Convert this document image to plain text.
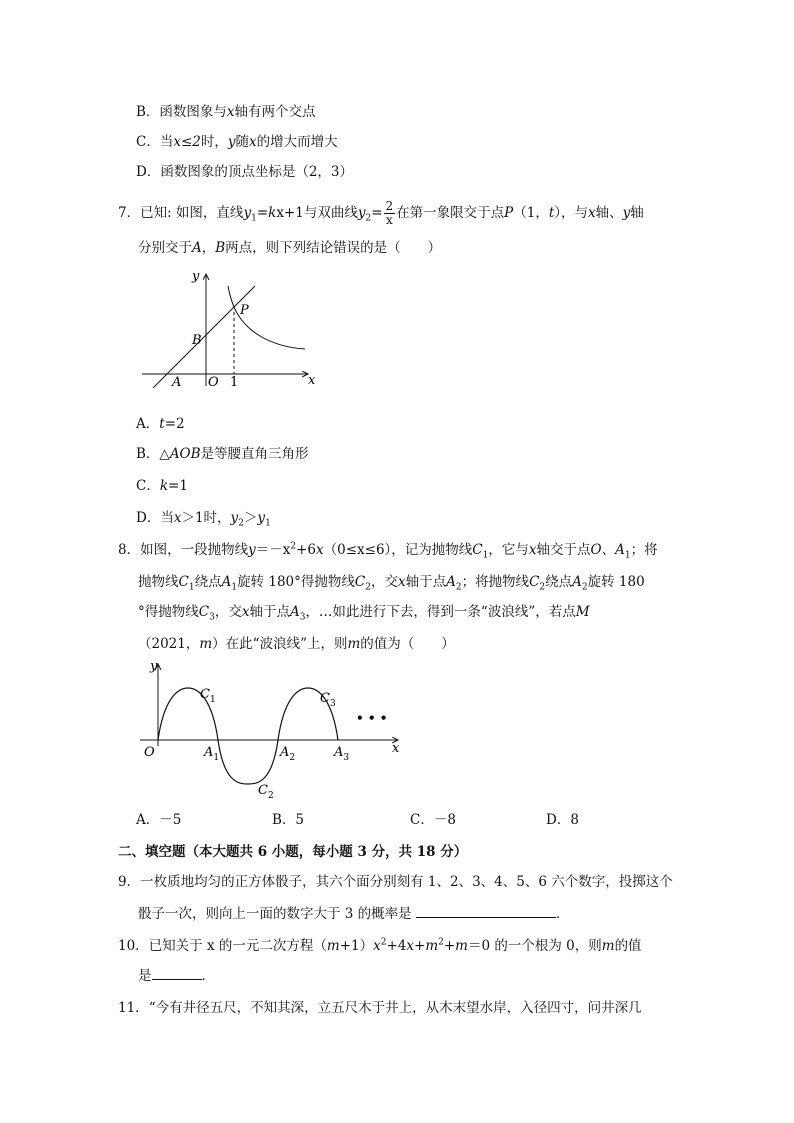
B．函数图象与x轴有两个交点
C．当x≤2时，y随x的增大而增大
D．函数图象的顶点坐标是（2，3）
7．已知: 如图，直线$y_1=kx+1$与双曲线$y_2= \frac{2}{x}$ 在第一象限交于点P（1，t），与x轴、y轴
分别交于A，B两点，则下列结论错误的是（　　）
y
x
P
B
A O 1
A．t=2
B．△AOB是等腰直角三角形
C．k=1
D．当x＞1时，$y_2>y_1$
8．如图，一段抛物线$y=-x^2+6x(0\le x\le 6)$，记为抛物线$C_1$，它与x轴交于点O、$A_1$；将
抛物线$C_1$绕点$A_1$旋转 180°得抛物线$C_2$，交x轴于点$A_2$；将抛物线$C_2$绕点$A_2$旋转 180
°得抛物线$C_3$，交x轴于点$A_3$，…如此进行下去，得到一条“波浪线”，若点M
（2021，m）在此“波浪线”上，则m的值为（　　）
y
x
O
$C_1$
$C_2$
$C_3$
$A_1$	$A_2$	$A_3$
• • •
A．－5	B．5	C．－8	D．8
二、填空题（本大题共 6 小题，每小题 3 分，共 18 分）
9．一枚质地均匀的正方体骰子，其六个面分别刻有 1、2、3、4、5、6 六个数字，投掷这个
骰子一次，则向上一面的数字大于 3 的概率是	．
10．已知关于 x 的一元二次方程$(m+1)x^2+4x+m^2+m=0$ 的一个根为 0，则m的值
是	．
11．“今有井径五尺，不知其深，立五尺木于井上，从木末望水岸，入径四寸，问井深几
